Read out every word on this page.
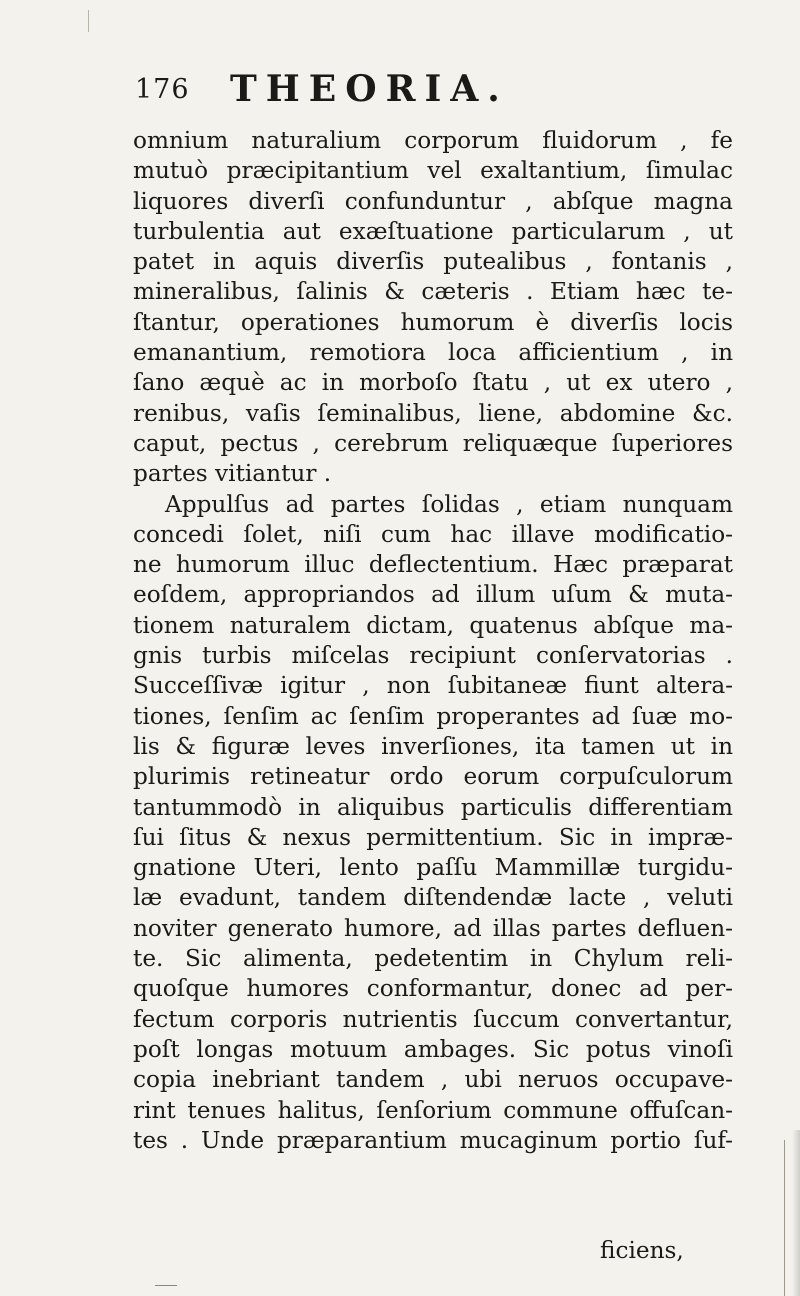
176 THEORIA.
omnium naturalium corporum fluidorum , fe
mutuò præcipitantium vel exaltantium, ſimulac
liquores diverſi confunduntur , abſque magna
turbulentia aut exæſtuatione particularum , ut
patet in aquis diverſis putealibus , fontanis ,
mineralibus, ſalinis & cæteris . Etiam hæc te-
ſtantur, operationes humorum è diverſis locis
emanantium, remotiora loca afficientium , in
ſano æquè ac in morboſo ſtatu , ut ex utero ,
renibus, vaſis ſeminalibus, liene, abdomine &c.
caput, pectus , cerebrum reliquæque ſuperiores
partes vitiantur .
Appulſus ad partes ſolidas , etiam nunquam
concedi ſolet, niſi cum hac illave modificatio-
ne humorum illuc deflectentium. Hæc præparat
eoſdem, appropriandos ad illum uſum & muta-
tionem naturalem dictam, quatenus abſque ma-
gnis turbis miſcelas recipiunt conſervatorias .
Succeſſivæ igitur , non ſubitaneæ fiunt altera-
tiones, ſenſim ac ſenſim properantes ad ſuæ mo-
lis & figuræ leves inverſiones, ita tamen ut in
plurimis retineatur ordo eorum corpuſculorum
tantummodò in aliquibus particulis differentiam
ſui ſitus & nexus permittentium. Sic in impræ-
gnatione Uteri, lento paſſu Mammillæ turgidu-
læ evadunt, tandem diſtendendæ lacte , veluti
noviter generato humore, ad illas partes defluen-
te. Sic alimenta, pedetentim in Chylum reli-
quoſque humores conformantur, donec ad per-
fectum corporis nutrientis ſuccum convertantur,
poſt longas motuum ambages. Sic potus vinoſi
copia inebriant tandem , ubi neruos occupave-
rint tenues halitus, ſenſorium commune offuſcan-
tes . Unde præparantium mucaginum portio ſuf-
ficiens,
